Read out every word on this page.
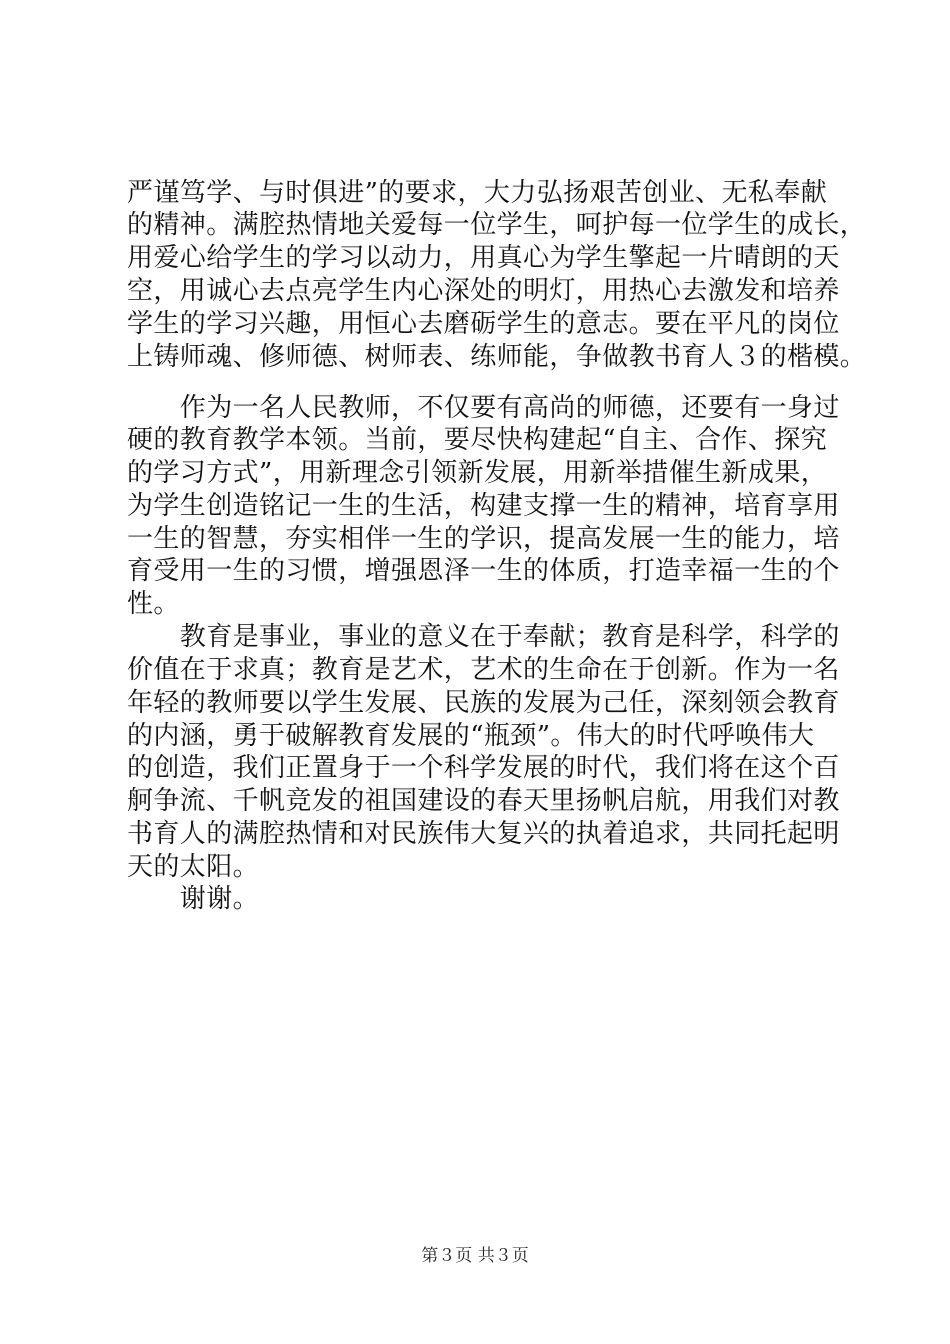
严谨笃学、与时俱进”的要求，大力弘扬艰苦创业、无私奉献
的精神。满腔热情地关爱每一位学生，呵护每一位学生的成长，
用爱心给学生的学习以动力，用真心为学生擎起一片晴朗的天
空，用诚心去点亮学生内心深处的明灯，用热心去激发和培养
学生的学习兴趣，用恒心去磨砺学生的意志。要在平凡的岗位
上铸师魂、修师德、树师表、练师能，争做教书育人３的楷模。
　　作为一名人民教师，不仅要有高尚的师德，还要有一身过
硬的教育教学本领。当前，要尽快构建起“自主、合作、探究
的学习方式”，用新理念引领新发展，用新举措催生新成果，
为学生创造铭记一生的生活，构建支撑一生的精神，培育享用
一生的智慧，夯实相伴一生的学识，提高发展一生的能力，培
育受用一生的习惯，增强恩泽一生的体质，打造幸福一生的个
性。
　　教育是事业，事业的意义在于奉献；教育是科学，科学的
价值在于求真；教育是艺术，艺术的生命在于创新。作为一名
年轻的教师要以学生发展、民族的发展为己任，深刻领会教育
的内涵，勇于破解教育发展的“瓶颈”。伟大的时代呼唤伟大
的创造，我们正置身于一个科学发展的时代，我们将在这个百
舸争流、千帆竞发的祖国建设的春天里扬帆启航，用我们对教
书育人的满腔热情和对民族伟大复兴的执着追求，共同托起明
天的太阳。
　　谢谢。
第３页 共３页
